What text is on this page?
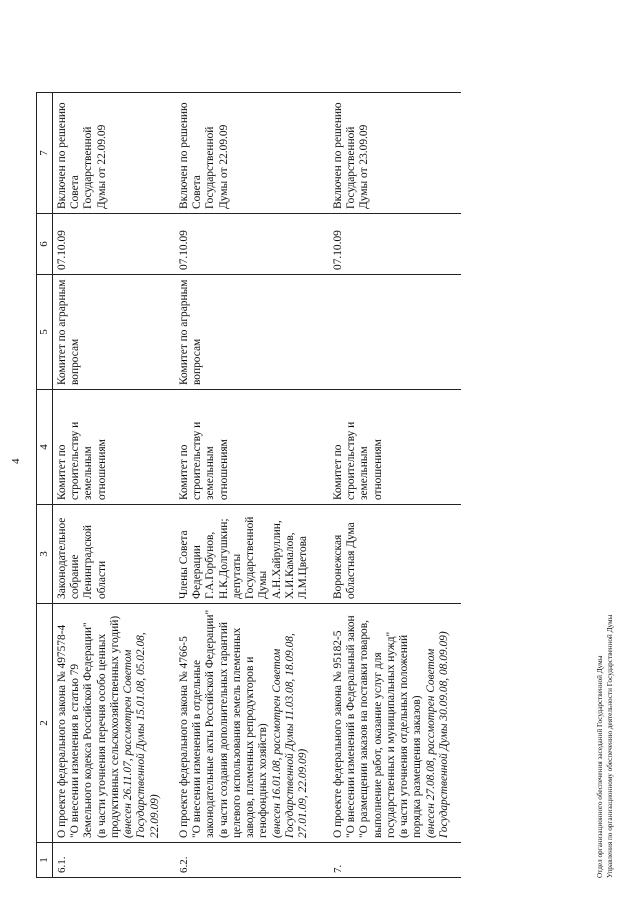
4
1	2	3	4	5	6	7
6.1.	О проекте федерального закона № 497578-4 "О внесении изменения в статью 79 Земельного кодекса Российской Федерации" (в части уточнения перечня особо ценных продуктивных сельскохозяйственных угодий) (внесен 26.11.07, рассмотрен Советом Государственной Думы 15.01.08, 05.02.08, 22.09.09)	Законодательное собрание Ленинградской области	Комитет по строительству и земельным отношениям	Комитет по аграрным вопросам	07.10.09	Включен по решению Совета Государственной Думы от 22.09.09
6.2.	О проекте федерального закона № 4766-5 "О внесении изменений в отдельные законодательные акты Российской Федерации" (в части создания дополнительных гарантий целевого использования земель племенных заводов, племенных репродукторов и генофондных хозяйств) (внесен 16.01.08, рассмотрен Советом Государственной Думы 11.03.08, 18.09.08, 27.01.09, 22.09.09)	Члены Совета Федерации Г.А.Горбунов, Н.К.Долгушкин; депутаты Государственной Думы А.Н.Хайруллин, Х.И.Камалов, Л.М.Цветова	Комитет по строительству и земельным отношениям	Комитет по аграрным вопросам	07.10.09	Включен по решению Совета Государственной Думы от 22.09.09
7.	О проекте федерального закона № 95182-5 "О внесении изменений в Федеральный закон "О размещении заказов на поставки товаров, выполнение работ, оказание услуг для государственных и муниципальных нужд" (в части уточнения отдельных положений порядка размещения заказов) (внесен 27.08.08, рассмотрен Советом Государственной Думы 30.09.08, 08.09.09)	Воронежская областная Дума	Комитет по строительству и земельным отношениям		07.10.09	Включен по решению Государственной Думы от 23.09.09
Отдел организационного обеспечения заседаний Государственной Думы Управления по организационному обеспечению деятельности Государственной Думы
